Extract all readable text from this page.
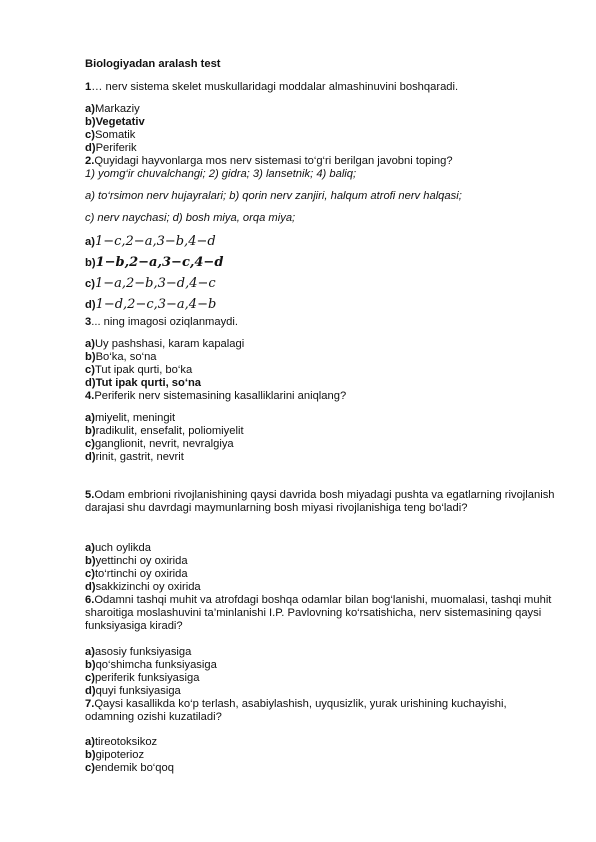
Biologiyadan aralash test
1… nerv sistema skelet muskullaridagi moddalar almashinuvini boshqaradi.
a)Markaziy
b)Vegetativ
c)Somatik
d)Periferik
2.Quyidagi hayvonlarga mos nerv sistemasi to‘g‘ri berilgan javobni toping?
1) yomg‘ir chuvalchangi; 2) gidra; 3) lansetnik; 4) baliq;
a) to‘rsimon nerv hujayralari; b) qorin nerv zanjiri, halqum atrofi nerv halqasi;
c) nerv naychasi; d) bosh miya, orqa miya;
a)1−c,2−a,3−b,4−d
b)1−b,2−a,3−c,4−d
c)1−a,2−b,3−d,4−c
d)1−d,2−c,3−a,4−b
3... ning imagosi oziqlanmaydi.
a)Uy pashshasi, karam kapalagi
b)Bo‘ka, so‘na
c)Tut ipak qurti, bo‘ka
d)Tut ipak qurti, so‘na
4.Periferik nerv sistemasining kasalliklarini aniqlang?
a)miyelit, meningit
b)radikulit, ensefalit, poliomiyelit
c)ganglionit, nevrit, nevralgiya
d)rinit, gastrit, nevrit
5.Odam embrioni rivojlanishining qaysi davrida bosh miyadagi pushta va egatlarning rivojlanish darajasi shu davrdagi maymunlarning bosh miyasi rivojlanishiga teng bo‘ladi?
a)uch oylikda
b)yettinchi oy oxirida
c)to‘rtinchi oy oxirida
d)sakkizinchi oy oxirida
6.Odamni tashqi muhit va atrofdagi boshqa odamlar bilan bog‘lanishi, muomalasi, tashqi muhit sharoitiga moslashuvini ta’minlanishi I.P. Pavlovning ko‘rsatishicha, nerv sistemasining qaysi funksiyasiga kiradi?
a)asosiy funksiyasiga
b)qo‘shimcha funksiyasiga
c)periferik funksiyasiga
d)quyi funksiyasiga
7.Qaysi kasallikda ko‘p terlash, asabiylashish, uyqusizlik, yurak urishining kuchayishi, odamning ozishi kuzatiladi?
a)tireotoksikoz
b)gipoterioz
c)endemik bo‘qoq
